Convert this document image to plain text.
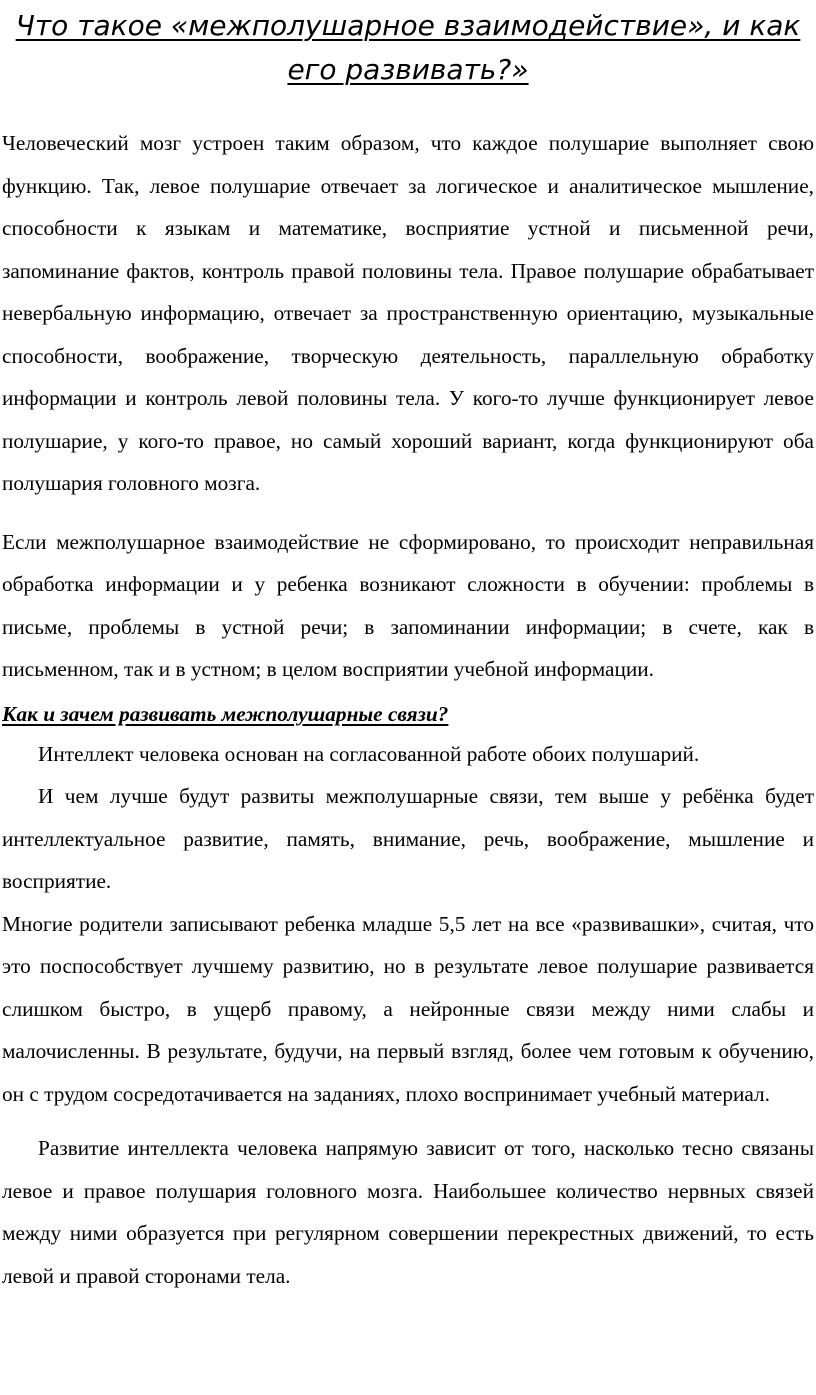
Что такое «межполушарное взаимодействие», и как его развивать?»

Человеческий мозг устроен таким образом, что каждое полушарие выполняет свою функцию. Так, левое полушарие отвечает за логическое и аналитическое мышление, способности к языкам и математике, восприятие устной и письменной речи, запоминание фактов, контроль правой половины тела. Правое полушарие обрабатывает невербальную информацию, отвечает за пространственную ориентацию, музыкальные способности, воображение, творческую деятельность, параллельную обработку информации и контроль левой половины тела. У кого-то лучше функционирует левое полушарие, у кого-то правое, но самый хороший вариант, когда функционируют оба полушария головного мозга.

Если межполушарное взаимодействие не сформировано, то происходит неправильная обработка информации и у ребенка возникают сложности в обучении: проблемы в письме, проблемы в устной речи; в запоминании информации; в счете, как в письменном, так и в устном; в целом восприятии учебной информации.

Как и зачем развивать межполушарные связи?

Интеллект человека основан на согласованной работе обоих полушарий.

И чем лучше будут развиты межполушарные связи, тем выше у ребёнка будет интеллектуальное развитие, память, внимание, речь, воображение, мышление и восприятие.

Многие родители записывают ребенка младше 5,5 лет на все «развивашки», считая, что это поспособствует лучшему развитию, но в результате левое полушарие развивается слишком быстро, в ущерб правому, а нейронные связи между ними слабы и малочисленны. В результате, будучи, на первый взгляд, более чем готовым к обучению, он с трудом сосредотачивается на заданиях, плохо воспринимает учебный материал.

Развитие интеллекта человека напрямую зависит от того, насколько тесно связаны левое и правое полушария головного мозга. Наибольшее количество нервных связей между ними образуется при регулярном совершении перекрестных движений, то есть левой и правой сторонами тела.
